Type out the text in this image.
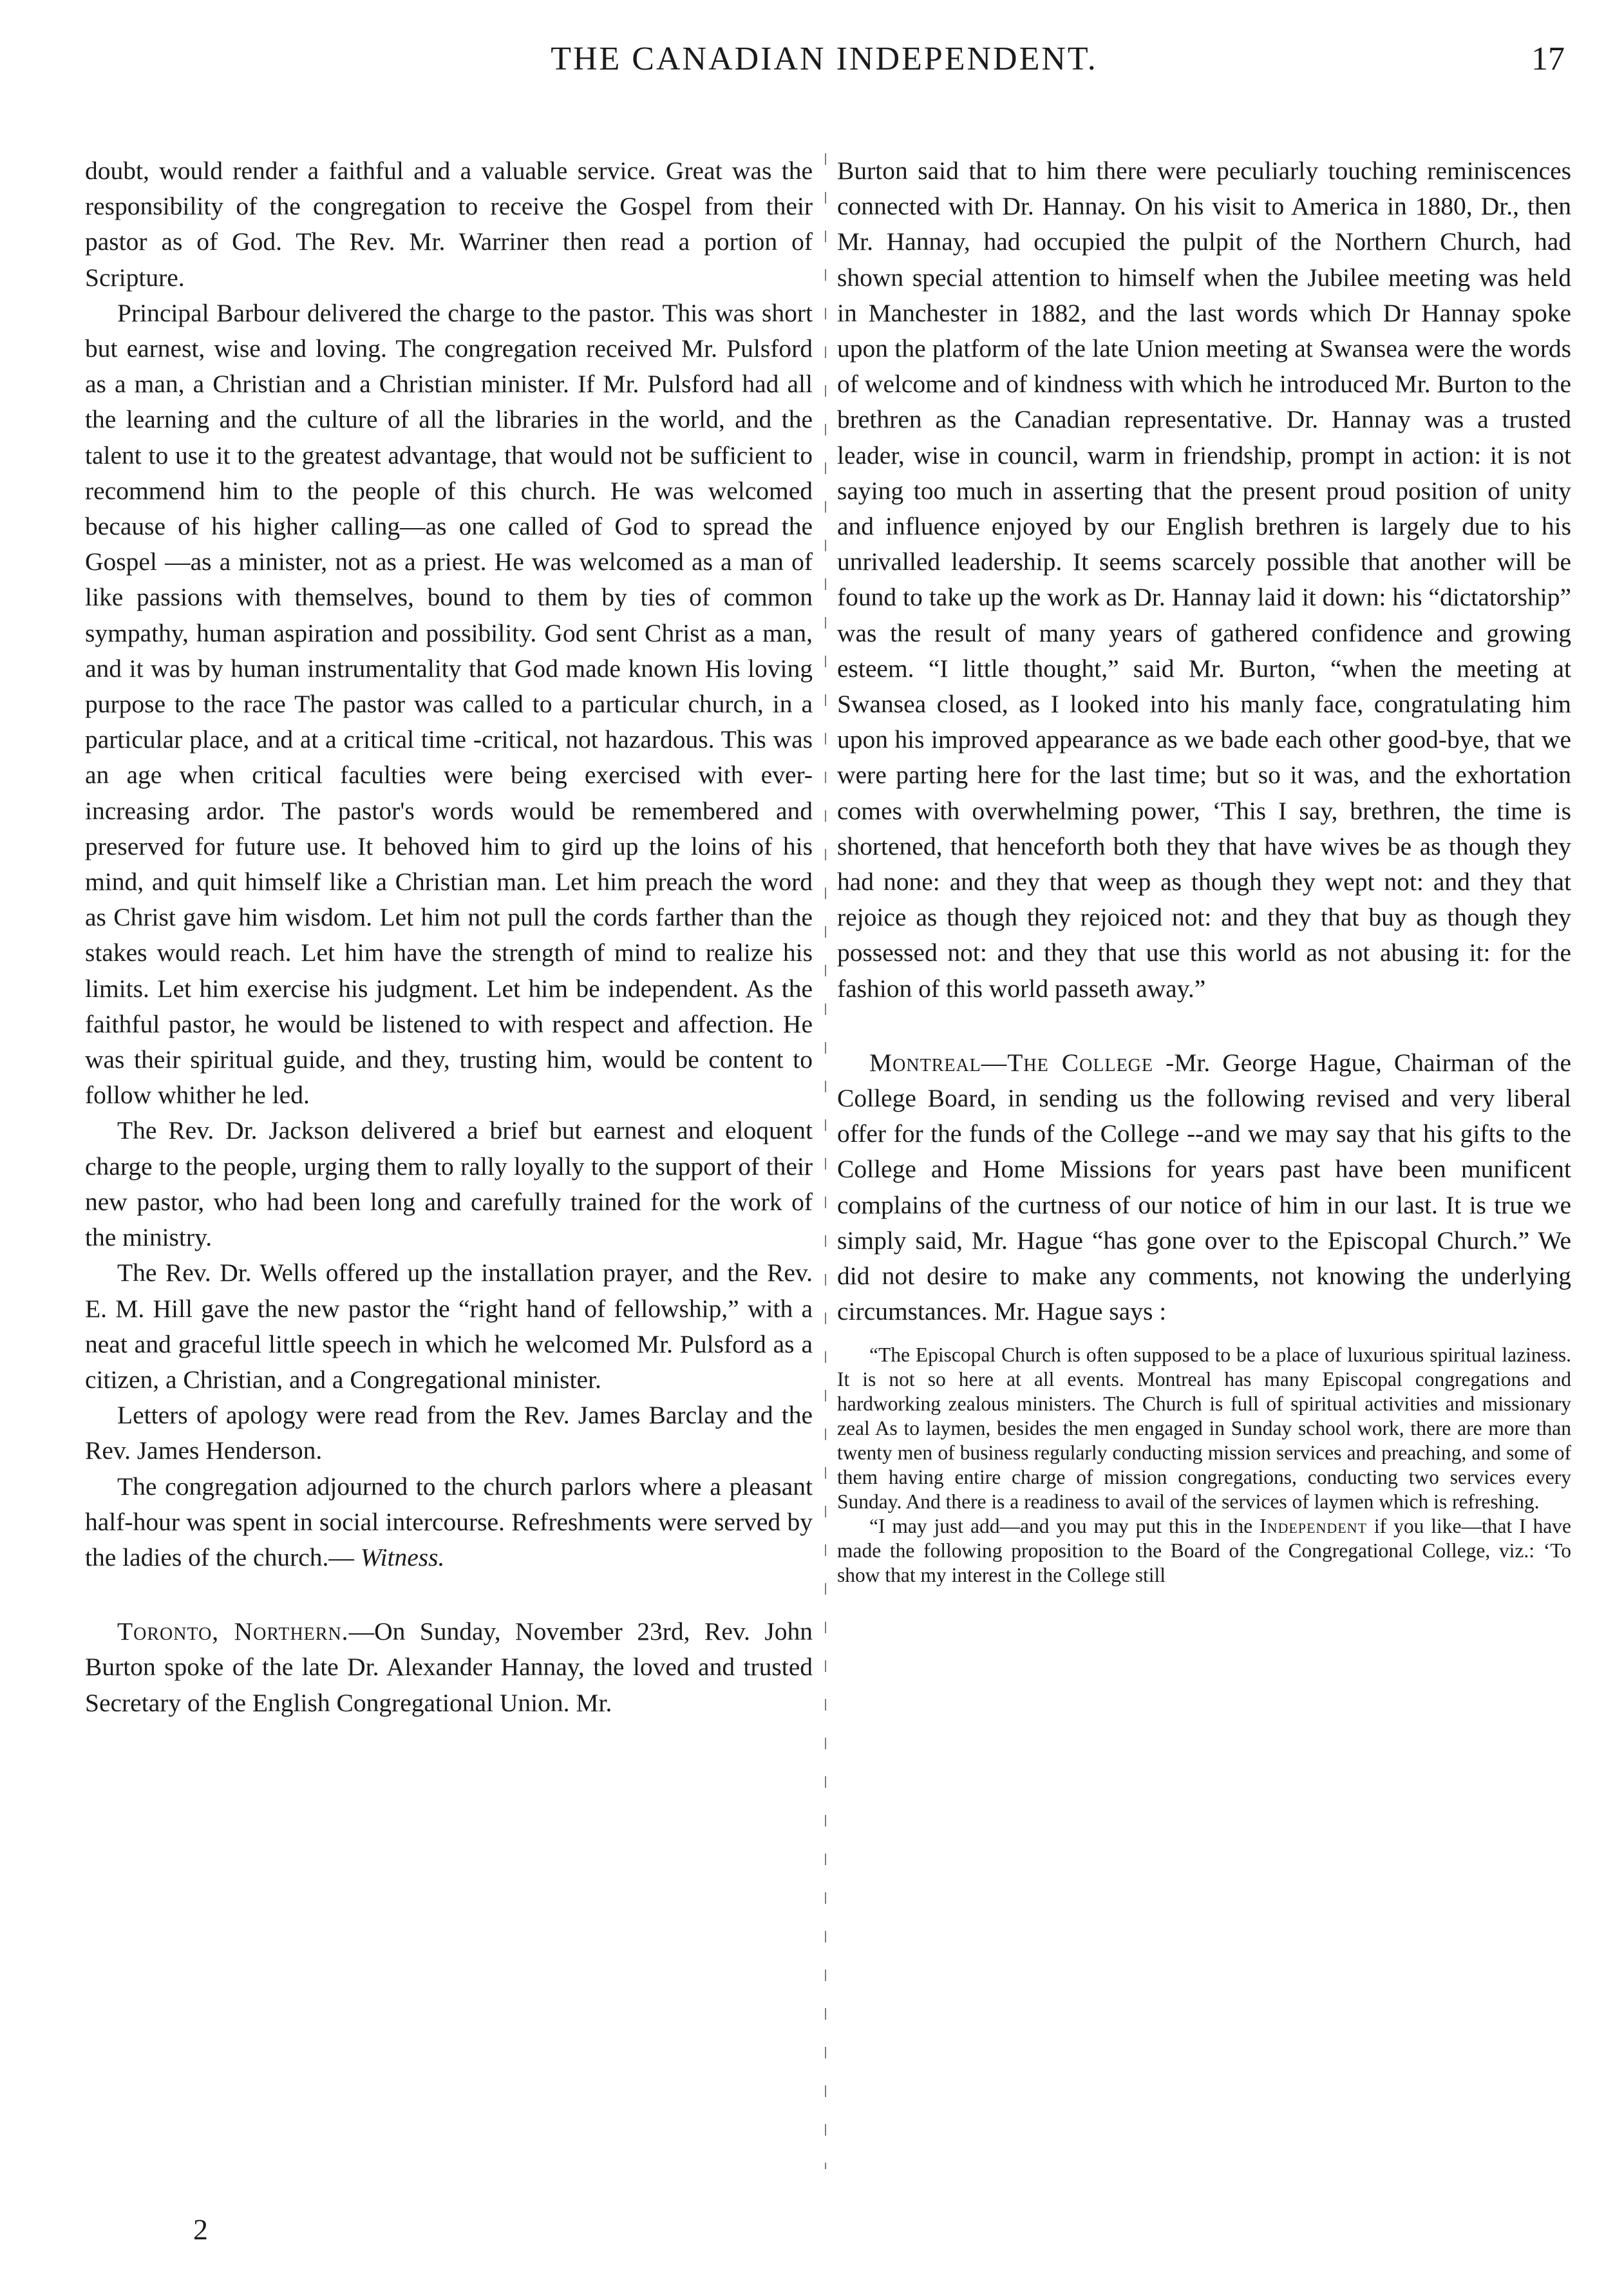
THE CANADIAN INDEPENDENT.	17

doubt, would render a faithful and a valuable service. Great was the responsibility of the congregation to receive the Gospel from their pastor as of God. The Rev. Mr. Warriner then read a portion of Scripture.

Principal Barbour delivered the charge to the pastor. This was short but earnest, wise and loving. The congregation received Mr. Pulsford as a man, a Christian and a Christian minister. If Mr. Pulsford had all the learning and the culture of all the libraries in the world, and the talent to use it to the greatest advantage, that would not be sufficient to recommend him to the people of this church. He was welcomed because of his higher calling—as one called of God to spread the Gospel —as a minister, not as a priest. He was welcomed as a man of like passions with themselves, bound to them by ties of common sympathy, human aspiration and possibility. God sent Christ as a man, and it was by human instrumentality that God made known His loving purpose to the race The pastor was called to a particular church, in a particular place, and at a critical time -critical, not hazardous. This was an age when critical faculties were being exercised with ever-increasing ardor. The pastor's words would be remembered and preserved for future use. It behoved him to gird up the loins of his mind, and quit himself like a Christian man. Let him preach the word as Christ gave him wisdom. Let him not pull the cords farther than the stakes would reach. Let him have the strength of mind to realize his limits. Let him exercise his judgment. Let him be independent. As the faithful pastor, he would be listened to with respect and affection. He was their spiritual guide, and they, trusting him, would be content to follow whither he led.

The Rev. Dr. Jackson delivered a brief but earnest and eloquent charge to the people, urging them to rally loyally to the support of their new pastor, who had been long and carefully trained for the work of the ministry.

The Rev. Dr. Wells offered up the installation prayer, and the Rev. E. M. Hill gave the new pastor the “right hand of fellowship,” with a neat and graceful little speech in which he welcomed Mr. Pulsford as a citizen, a Christian, and a Congregational minister.

Letters of apology were read from the Rev. James Barclay and the Rev. James Henderson.

The congregation adjourned to the church parlors where a pleasant half-hour was spent in social intercourse. Refreshments were served by the ladies of the church.— Witness.

Toronto, Northern.—On Sunday, November 23rd, Rev. John Burton spoke of the late Dr. Alexander Hannay, the loved and trusted Secretary of the English Congregational Union. Mr.

Burton said that to him there were peculiarly touching reminiscences connected with Dr. Hannay. On his visit to America in 1880, Dr., then Mr. Hannay, had occupied the pulpit of the Northern Church, had shown special attention to himself when the Jubilee meeting was held in Manchester in 1882, and the last words which Dr Hannay spoke upon the platform of the late Union meeting at Swansea were the words of welcome and of kindness with which he introduced Mr. Burton to the brethren as the Canadian representative. Dr. Hannay was a trusted leader, wise in council, warm in friendship, prompt in action: it is not saying too much in asserting that the present proud position of unity and influence enjoyed by our English brethren is largely due to his unrivalled leadership. It seems scarcely possible that another will be found to take up the work as Dr. Hannay laid it down: his “dictatorship” was the result of many years of gathered confidence and growing esteem. “I little thought,” said Mr. Burton, “when the meeting at Swansea closed, as I looked into his manly face, congratulating him upon his improved appearance as we bade each other good-bye, that we were parting here for the last time; but so it was, and the exhortation comes with overwhelming power, ‘This I say, brethren, the time is shortened, that henceforth both they that have wives be as though they had none: and they that weep as though they wept not: and they that rejoice as though they rejoiced not: and they that buy as though they possessed not: and they that use this world as not abusing it: for the fashion of this world passeth away.”

Montreal—The College -Mr. George Hague, Chairman of the College Board, in sending us the following revised and very liberal offer for the funds of the College --and we may say that his gifts to the College and Home Missions for years past have been munificent complains of the curtness of our notice of him in our last. It is true we simply said, Mr. Hague “has gone over to the Episcopal Church.” We did not desire to make any comments, not knowing the underlying circumstances. Mr. Hague says :

“The Episcopal Church is often supposed to be a place of luxurious spiritual laziness. It is not so here at all events. Montreal has many Episcopal congregations and hardworking zealous ministers. The Church is full of spiritual activities and missionary zeal As to laymen, besides the men engaged in Sunday school work, there are more than twenty men of business regularly conducting mission services and preaching, and some of them having entire charge of mission congregations, conducting two services every Sunday. And there is a readiness to avail of the services of laymen which is refreshing.

“I may just add—and you may put this in the Independent if you like—that I have made the following proposition to the Board of the Congregational College, viz.: ‘To show that my interest in the College still

2
